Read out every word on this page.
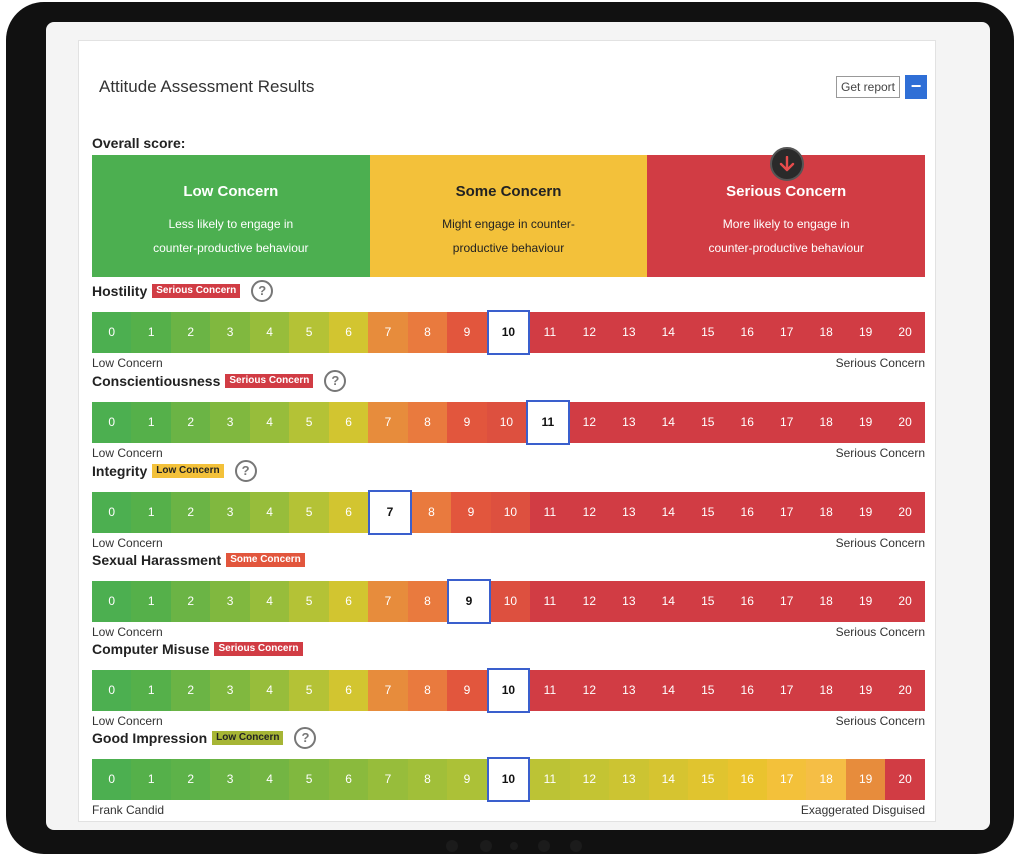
Attitude Assessment Results	Get report −
Overall score:
Low Concern
Less likely to engage in counter-productive behaviour
Some Concern
Might engage in counter-productive behaviour
Serious Concern
More likely to engage in counter-productive behaviour
Hostility Serious Concern	?
0	1	2	3	4	5	6	7	8	9	10	11	12	13	14	15	16	17	18	19	20
Low Concern	Serious Concern
Conscientiousness Serious Concern	?
0	1	2	3	4	5	6	7	8	9	10	11	12	13	14	15	16	17	18	19	20
Low Concern	Serious Concern
Integrity Low Concern	?
0	1	2	3	4	5	6	7	8	9	10	11	12	13	14	15	16	17	18	19	20
Low Concern	Serious Concern
Sexual Harassment Some Concern
0	1	2	3	4	5	6	7	8	9	10	11	12	13	14	15	16	17	18	19	20
Low Concern	Serious Concern
Computer Misuse Serious Concern
0	1	2	3	4	5	6	7	8	9	10	11	12	13	14	15	16	17	18	19	20
Low Concern	Serious Concern
Good Impression Low Concern	?
0	1	2	3	4	5	6	7	8	9	10	11	12	13	14	15	16	17	18	19	20
Frank Candid	Exaggerated Disguised
